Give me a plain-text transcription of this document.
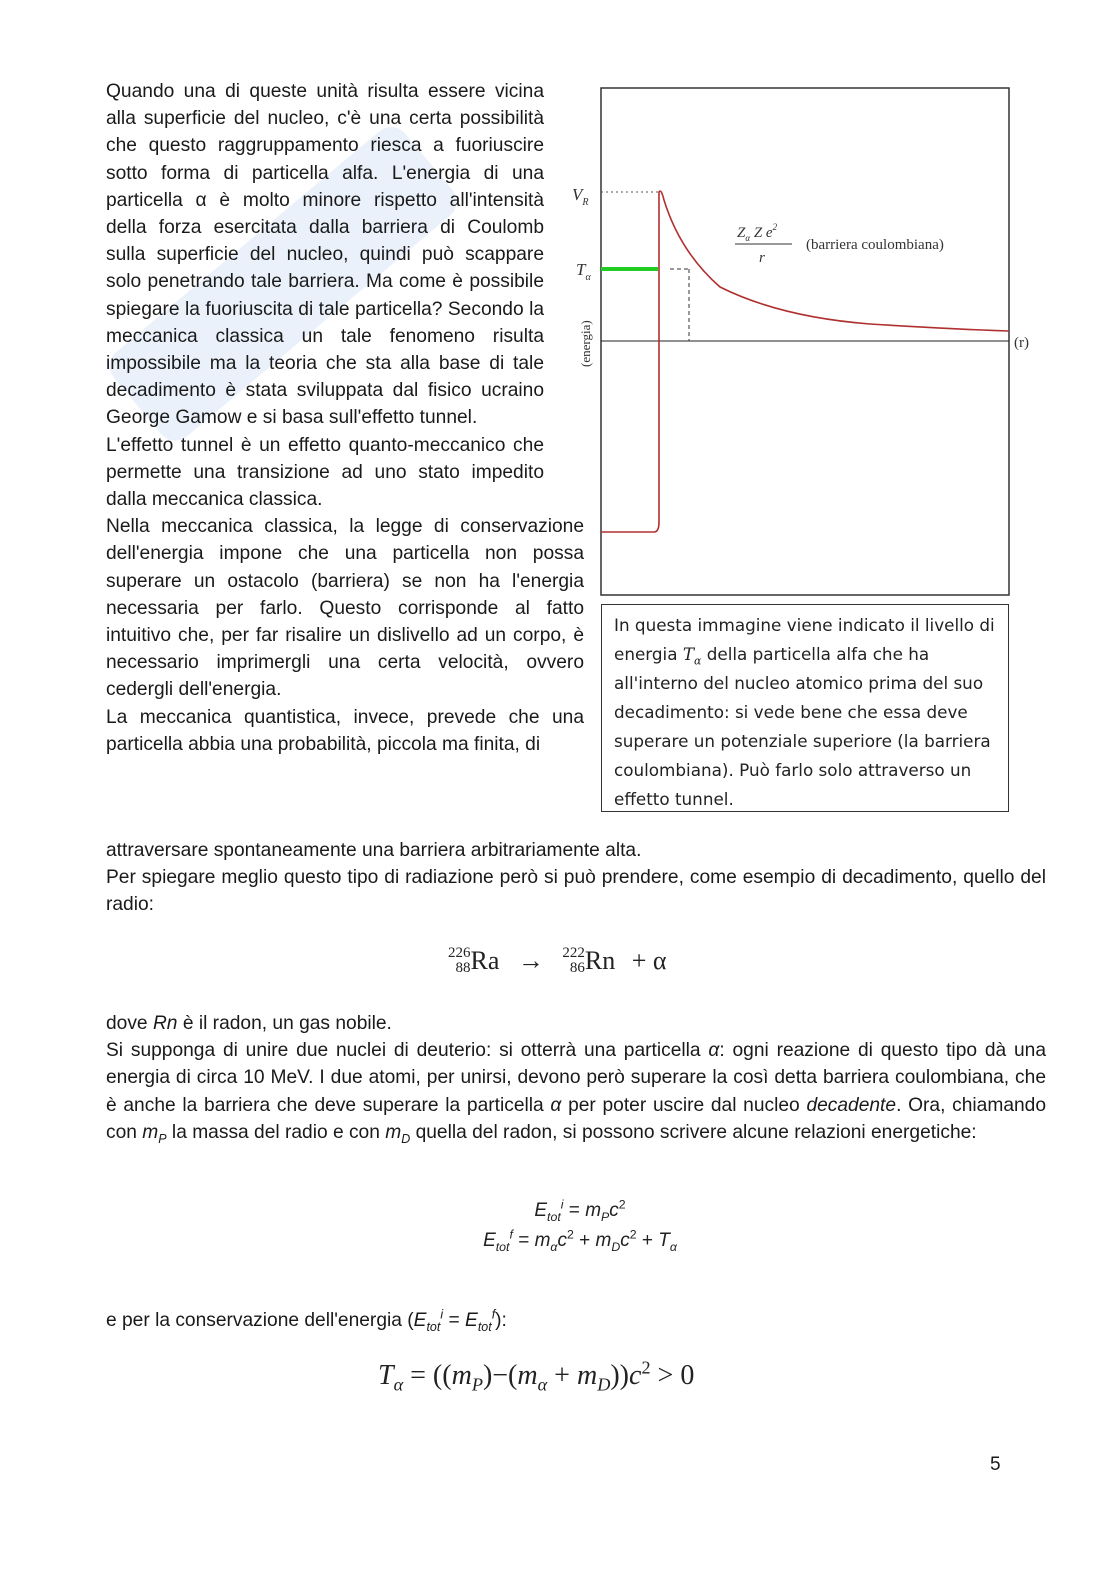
Quando una di queste unità risulta essere vicina alla superficie del nucleo, c'è una certa possibilità che questo raggruppamento riesca a fuoriuscire sotto forma di particella alfa. L'energia di una particella α è molto minore rispetto all'intensità della forza esercitata dalla barriera di Coulomb sulla superficie del nucleo, quindi può scappare solo penetrando tale barriera. Ma come è possibile spiegare la fuoriuscita di tale particella? Secondo la meccanica classica un tale fenomeno risulta impossibile ma la teoria che sta alla base di tale decadimento è stata sviluppata dal fisico ucraino George Gamow e si basa sull'effetto tunnel.

L'effetto tunnel è un effetto quanto-meccanico che permette una transizione ad uno stato impedito dalla meccanica classica.

Nella meccanica classica, la legge di conservazione dell'energia impone che una particella non possa superare un ostacolo (barriera) se non ha l'energia necessaria per farlo. Questo corrisponde al fatto intuitivo che, per far risalire un dislivello ad un corpo, è necessario imprimergli una certa velocità, ovvero cedergli dell'energia.

La meccanica quantistica, invece, prevede che una particella abbia una probabilità, piccola ma finita, di

$V_R$
$T_\alpha$
(energia)	(r)
$Z_\alpha$ Z $e^2$
r
(barriera coulombiana)
In questa immagine viene indicato il livello di energia $T_\alpha$ della particella alfa che ha all'interno del nucleo atomico prima del suo decadimento: si vede bene che essa deve superare un potenziale superiore (la barriera coulombiana). Può farlo solo attraverso un effetto tunnel.

attraversare spontaneamente una barriera arbitrariamente alta.

Per spiegare meglio questo tipo di radiazione però si può prendere, come esempio di decadimento, quello del radio:

226
88 Ra → 222
86 Rn + α

dove Rn è il radon, un gas nobile.

Si supponga di unire due nuclei di deuterio: si otterrà una particella α: ogni reazione di questo tipo dà una energia di circa 10 MeV. I due atomi, per unirsi, devono però superare la così detta barriera coulombiana, che è anche la barriera che deve superare la particella α per poter uscire dal nucleo decadente. Ora, chiamando con $m_P$ la massa del radio e con $m_D$ quella del radon, si possono scrivere alcune relazioni energetiche:

$E_{tot}^i = m_Pc^2$
$E_{tot}^f = m_\alpha c^2 + m_Dc^2 + T_\alpha$

e per la conservazione dell'energia $(E_{tot}^i = E_{tot}^f)$:

$T_\alpha = ((m_P)-(m_\alpha + m_D))c^2 > 0$
5
